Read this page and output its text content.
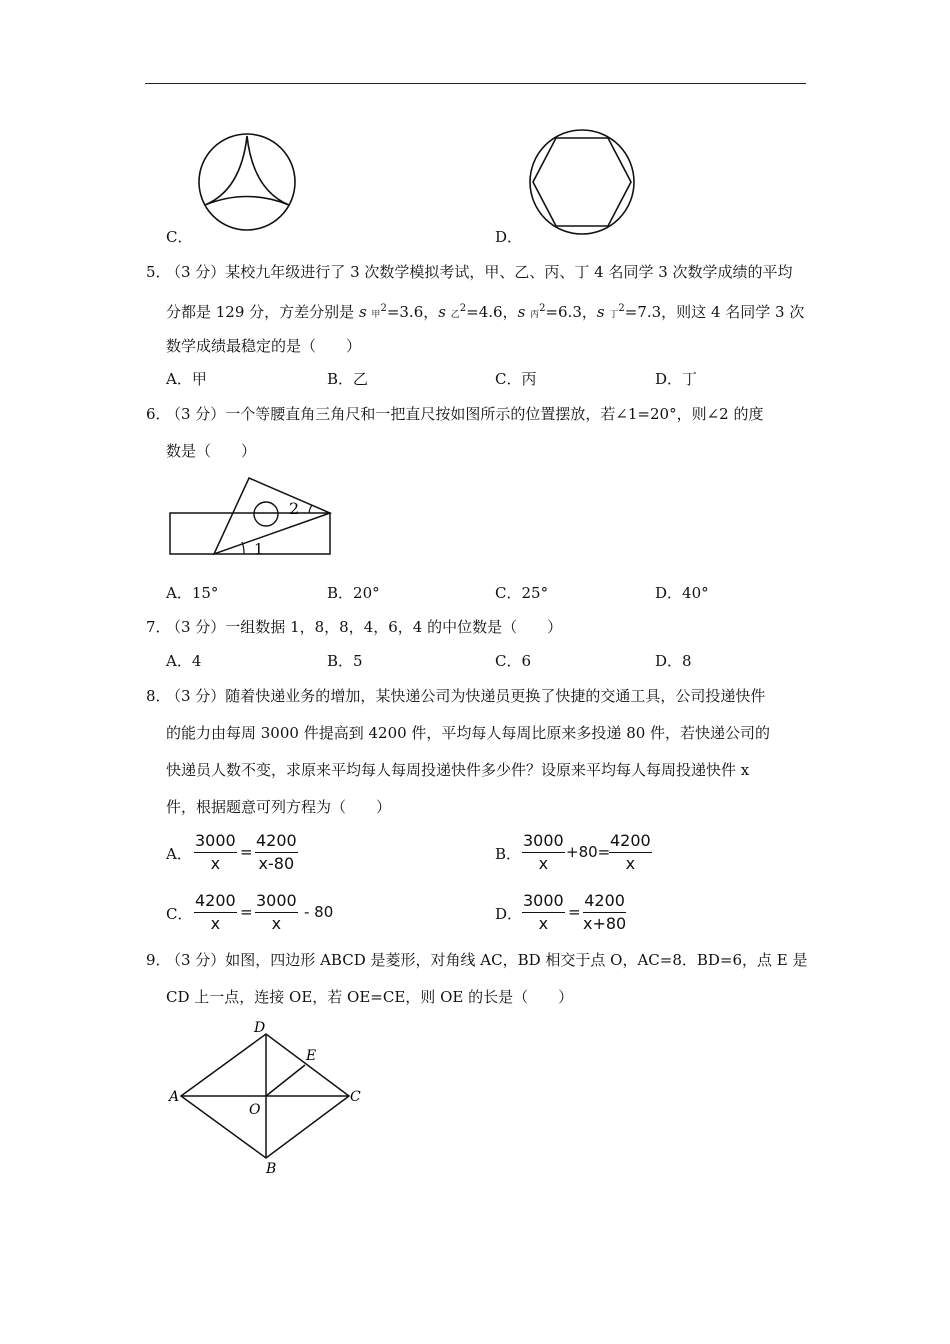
C．	D．
5．
（3 分）某校九年级进行了 3 次数学模拟考试，甲、乙、丙、丁 4 名同学 3 次数学成绩的平均
分都是 129 分，方差分别是 s 甲$^2$=3.6，s 乙$^2$=4.6，s 丙$^2$=6.3，s 丁$^2$=7.3，则这 4 名同学 3 次
数学成绩最稳定的是（　　）
A．甲	B．乙	C．丙	D．丁
6．
（3 分）一个等腰直角三角尺和一把直尺按如图所示的位置摆放，若∠1=20°，则∠2 的度
数是（　　）
1
2
A．15°	B．20°	C．25°	D．40°
7．
（3 分）一组数据 1，8，8，4，6，4 的中位数是（　　）
A．4	B．5	C．6	D．8
8．
（3 分）随着快递业务的增加，某快递公司为快递员更换了快捷的交通工具，公司投递快件
的能力由每周 3000 件提高到 4200 件，平均每人每周比原来多投递 80 件，若快递公司的
快递员人数不变，求原来平均每人每周投递快件多少件？设原来平均每人每周投递快件 x
件，根据题意可列方程为（　　）
A． $\frac{3000}{x} = \frac{4200}{x-80}$	B． $\frac{3000}{x} +80=$
$\frac{4200}{x}$
C． $\frac{4200}{x} = \frac{3000}{x} - 80$	D． $\frac{3000}{x} = \frac{4200}{x+80}$
9．
（3 分）如图，四边形 ABCD 是菱形，对角线 AC，BD 相交于点 O，AC=8．BD=6，点 E 是
CD 上一点，连接 OE，若 OE=CE，则 OE 的长是（　　）
A
B
C
D
E
O
